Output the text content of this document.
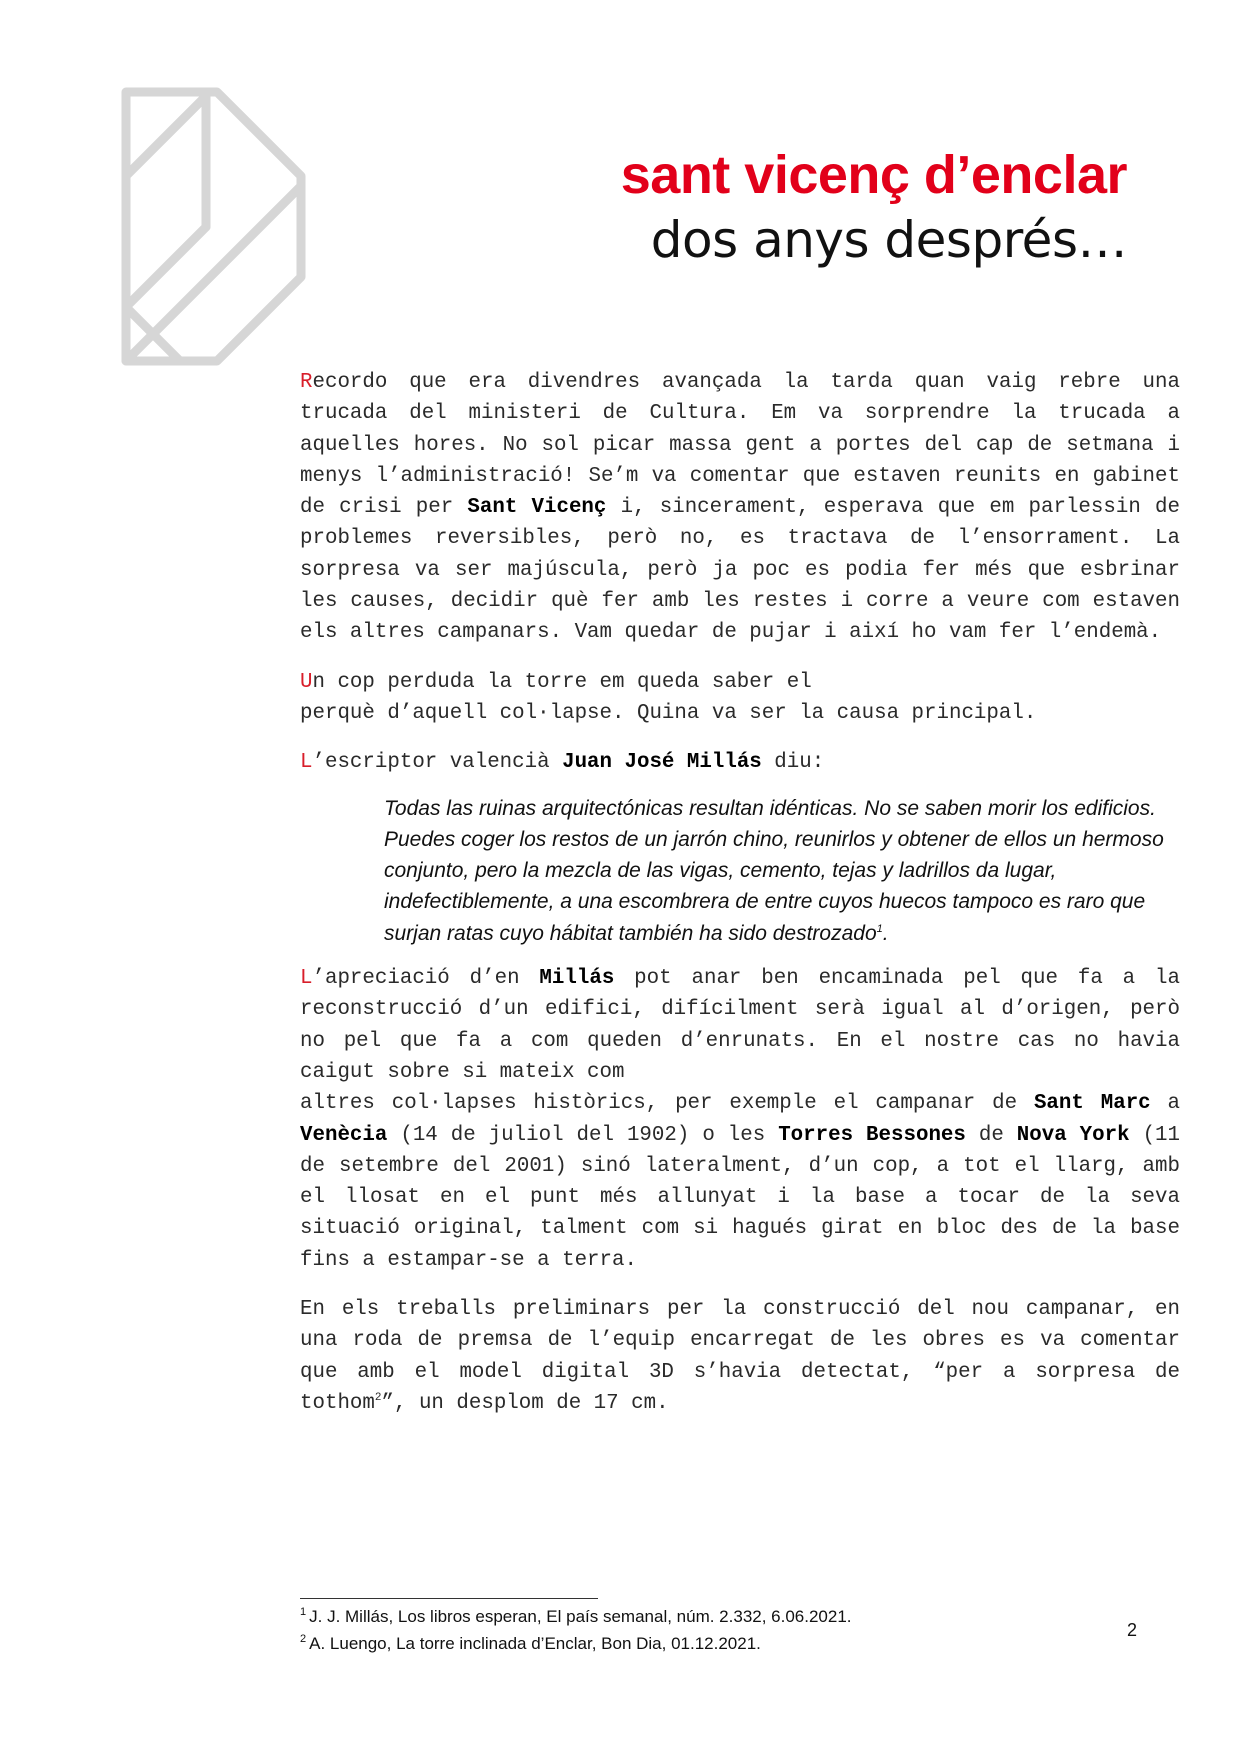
sant vicenç d’enclar
dos anys després…

Recordo que era divendres avançada la tarda quan vaig rebre una trucada del ministeri de Cultura. Em va sorprendre la trucada a aquelles hores. No sol picar massa gent a portes del cap de setmana i menys l’administració! Se’m va comentar que estaven reunits en gabinet de crisi per Sant Vicenç i, sincerament, esperava que em parlessin de problemes reversibles, però no, es tractava de l’ensorrament. La sorpresa va ser majúscula, però ja poc es podia fer més que esbrinar les causes, decidir què fer amb les restes i corre a veure com estaven els altres campanars. Vam quedar de pujar i així ho vam fer l’endemà.

Un cop perduda la torre em queda saber el
perquè d’aquell col·lapse. Quina va ser la causa principal.

L’escriptor valencià Juan José Millás diu:

Todas las ruinas arquitectónicas resultan idénticas. No se saben morir los edificios. Puedes coger los restos de un jarrón chino, reunirlos y obtener de ellos un hermoso conjunto, pero la mezcla de las vigas, cemento, tejas y ladrillos da lugar, indefectiblemente, a una escombrera de entre cuyos huecos tampoco es raro que surjan ratas cuyo hábitat también ha sido destrozado$^1$.

L’apreciació d’en Millás pot anar ben encaminada pel que fa a la reconstrucció d’un edifici, difícilment serà igual al d’origen, però no pel que fa a com queden d’enrunats. En el nostre cas no havia caigut sobre si mateix com
altres col·lapses històrics, per exemple el campanar de Sant Marc a Venècia (14 de juliol del 1902) o les Torres Bessones de Nova York (11 de setembre del 2001) sinó lateralment, d’un cop, a tot el llarg, amb el llosat en el punt més allunyat i la base a tocar de la seva situació original, talment com si hagués girat en bloc des de la base fins a estampar-se a terra.

En els treballs preliminars per la construcció del nou campanar, en una roda de premsa de l’equip encarregat de les obres es va comentar que amb el model digital 3D s’havia detectat, “per a sorpresa de tothom$^2$”, un desplom de 17 cm.

$^1$ J. J. Millás, Los libros esperan, El país semanal, núm. 2.332, 6.06.2021.
$^2$ A. Luengo, La torre inclinada d’Enclar, Bon Dia, 01.12.2021.
2
